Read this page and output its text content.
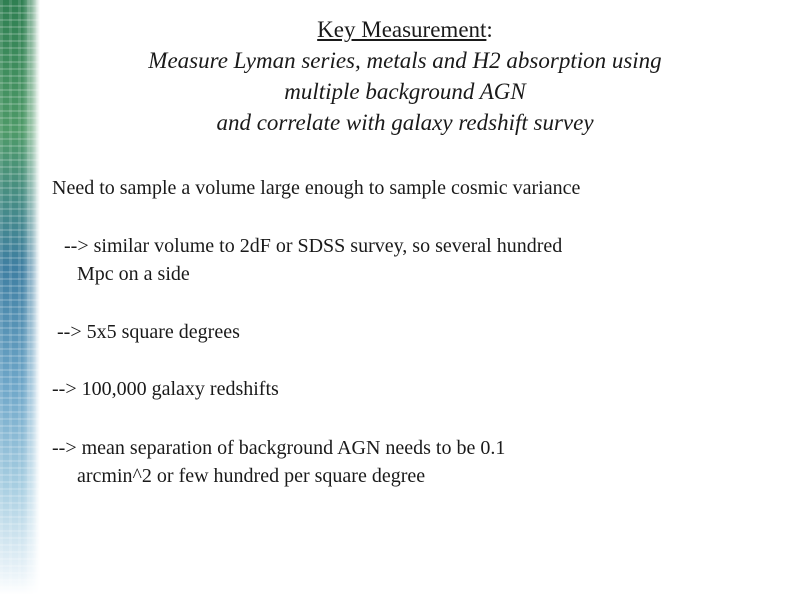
Key Measurement:
Measure Lyman series, metals and H2 absorption using
multiple background AGN
and correlate with galaxy redshift survey
Need to sample a volume large enough to sample cosmic variance
--> similar volume to 2dF or SDSS survey, so several hundred
Mpc on a side
--> 5x5 square degrees
--> 100,000 galaxy redshifts
--> mean separation of background AGN needs to be 0.1
arcmin^2 or few hundred per square degree
